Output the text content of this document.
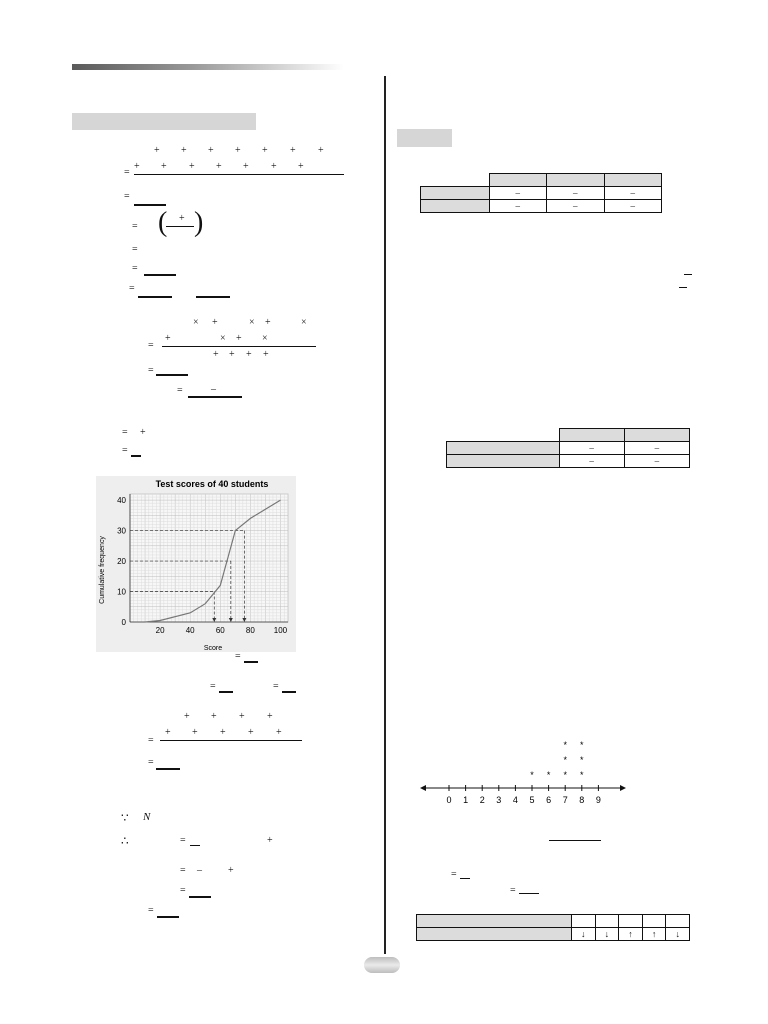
+ + + + + + +
=
+ + + + + + +
=
= ( + )
=
=
=
× +	× +	×
+	× + ×
=
+ + + +
=
=	–
= +
=
Test scores of 40 students
Cumulative frequency
Score
20	40	60	80 100
0
10
20
30
40
=
=	=
+ + + +
+ + + + +
=
=
∵ N
∴	=	+
= –	+
=
=

	–	–	–
	–	–	–

	–	–
	–	–
0 1 2 3 4 5 6 7 8 9
* * *
*
*
*
*
*
=
=

	↓	↓	↑	↑	↓
